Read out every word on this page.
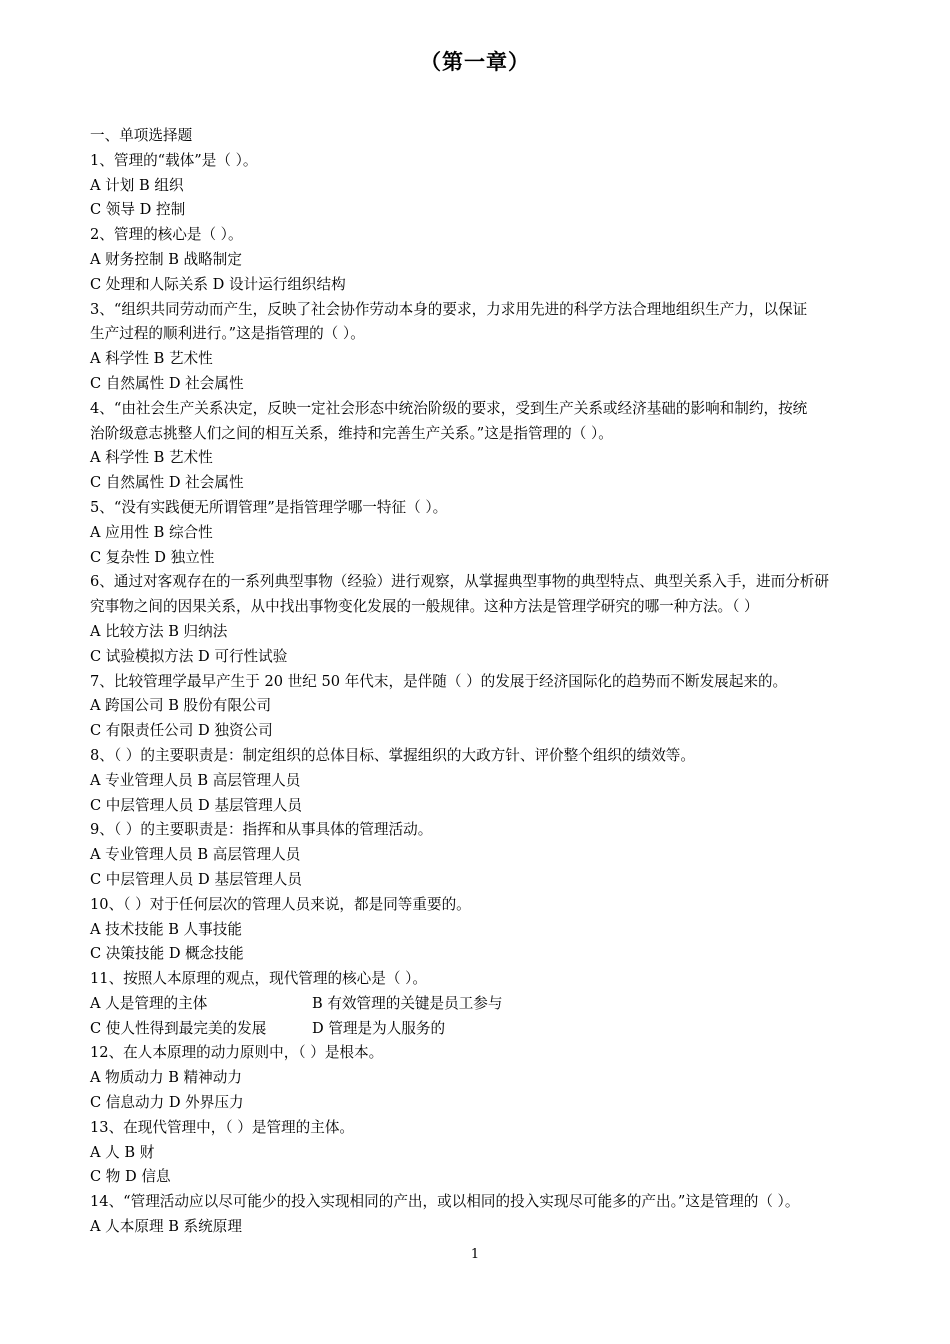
（第一章）
一、单项选择题
1、管理的“载体”是（ ）。
A 计划 B 组织
C 领导 D 控制
2、管理的核心是（ ）。
A 财务控制 B 战略制定
C 处理和人际关系 D 设计运行组织结构
3、“组织共同劳动而产生，反映了社会协作劳动本身的要求，力求用先进的科学方法合理地组织生产力，以保证
生产过程的顺利进行。”这是指管理的（ ）。
A 科学性 B 艺术性
C 自然属性 D 社会属性
4、“由社会生产关系决定，反映一定社会形态中统治阶级的要求，受到生产关系或经济基础的影响和制约，按统
治阶级意志挑整人们之间的相互关系，维持和完善生产关系。”这是指管理的（ ）。
A 科学性 B 艺术性
C 自然属性 D 社会属性
5、“没有实践便无所谓管理”是指管理学哪一特征（ ）。
A 应用性 B 综合性
C 复杂性 D 独立性
6、通过对客观存在的一系列典型事物（经验）进行观察，从掌握典型事物的典型特点、典型关系入手，进而分析研
究事物之间的因果关系，从中找出事物变化发展的一般规律。这种方法是管理学研究的哪一种方法。（ ）
A 比较方法 B 归纳法
C 试验模拟方法 D 可行性试验
7、比较管理学最早产生于 20 世纪 50 年代末，是伴随（ ）的发展于经济国际化的趋势而不断发展起来的。
A 跨国公司 B 股份有限公司
C 有限责任公司 D 独资公司
8、（ ）的主要职责是：制定组织的总体目标、掌握组织的大政方针、评价整个组织的绩效等。
A 专业管理人员 B 高层管理人员
C 中层管理人员 D 基层管理人员
9、（ ）的主要职责是：指挥和从事具体的管理活动。
A 专业管理人员 B 高层管理人员
C 中层管理人员 D 基层管理人员
10、（ ）对于任何层次的管理人员来说，都是同等重要的。
A 技术技能 B 人事技能
C 决策技能 D 概念技能
11、按照人本原理的观点，现代管理的核心是（ ）。
A 人是管理的主体	B 有效管理的关键是员工参与
C 使人性得到最完美的发展	D 管理是为人服务的
12、在人本原理的动力原则中，（ ）是根本。
A 物质动力 B 精神动力
C 信息动力 D 外界压力
13、在现代管理中，（ ）是管理的主体。
A 人 B 财
C 物 D 信息
14、“管理活动应以尽可能少的投入实现相同的产出，或以相同的投入实现尽可能多的产出。”这是管理的（ ）。
A 人本原理 B 系统原理
1
